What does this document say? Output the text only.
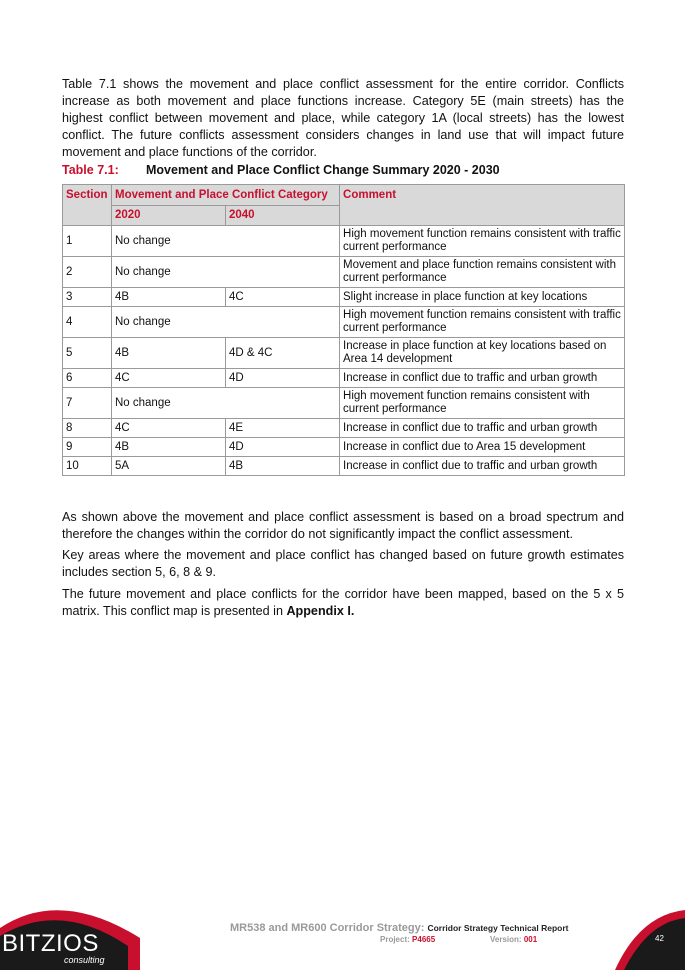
Table 7.1 shows the movement and place conflict assessment for the entire corridor. Conflicts increase as both movement and place functions increase. Category 5E (main streets) has the highest conflict between movement and place, while category 1A (local streets) has the lowest conflict. The future conflicts assessment considers changes in land use that will impact future movement and place functions of the corridor.

Table 7.1: Movement and Place Conflict Change Summary 2020 - 2030
Section	Movement and Place Conflict Category		Comment
	2020	2040	
1	No change		High movement function remains consistent with traffic current performance
2	No change		Movement and place function remains consistent with current performance
3	4B	4C	Slight increase in place function at key locations
4	No change		High movement function remains consistent with traffic current performance
5	4B	4D & 4C	Increase in place function at key locations based on Area 14 development
6	4C	4D	Increase in conflict due to traffic and urban growth
7	No change		High movement function remains consistent with current performance
8	4C	4E	Increase in conflict due to traffic and urban growth
9	4B	4D	Increase in conflict due to Area 15 development
10	5A	4B	Increase in conflict due to traffic and urban growth

As shown above the movement and place conflict assessment is based on a broad spectrum and therefore the changes within the corridor do not significantly impact the conflict assessment.

Key areas where the movement and place conflict has changed based on future growth estimates includes section 5, 6, 8 & 9.

The future movement and place conflicts for the corridor have been mapped, based on the 5 x 5 matrix. This conflict map is presented in Appendix I.

BITZIOS
consulting
MR538 and MR600 Corridor Strategy: Corridor Strategy Technical Report
Project: P4665	Version: 001	42
